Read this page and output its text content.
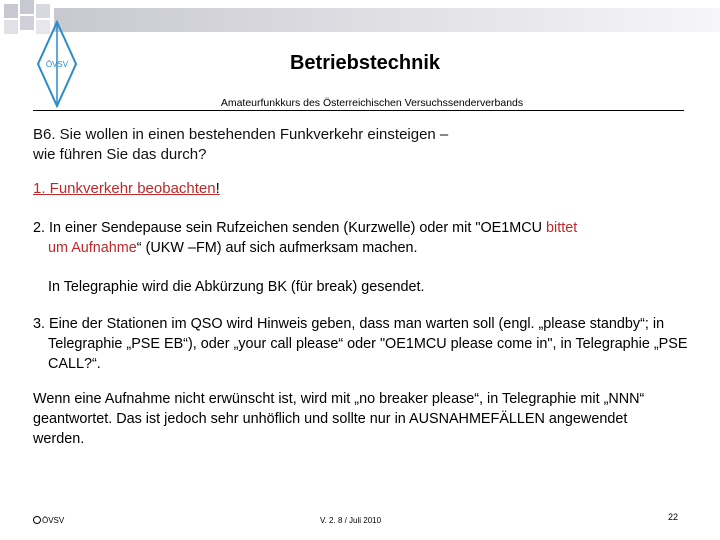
ÖVSV	Betriebstechnik
Amateurfunkkurs des Österreichischen Versuchssenderverbands
B6. Sie wollen in einen bestehenden Funkverkehr einsteigen –
wie führen Sie das durch?
1. Funkverkehr beobachten!
2. In einer Sendepause sein Rufzeichen senden (Kurzwelle) oder mit "OE1MCU bittet
um Aufnahme“ (UKW –FM) auf sich aufmerksam machen.
In Telegraphie wird die Abkürzung BK (für break) gesendet.
3. Eine der Stationen im QSO wird Hinweis geben, dass man warten soll (engl. „please standby“; in Telegraphie „PSE EB“), oder „your call please“ oder "OE1MCU please come in", in Telegraphie „PSE CALL?“.
Wenn eine Aufnahme nicht erwünscht ist, wird mit „no breaker please“, in Telegraphie mit „NNN“ geantwortet. Das ist jedoch sehr unhöflich und sollte nur in AUSNAHMEFÄLLEN angewendet werden.
ÖVSV	V. 2. 8 / Juli 2010	22
